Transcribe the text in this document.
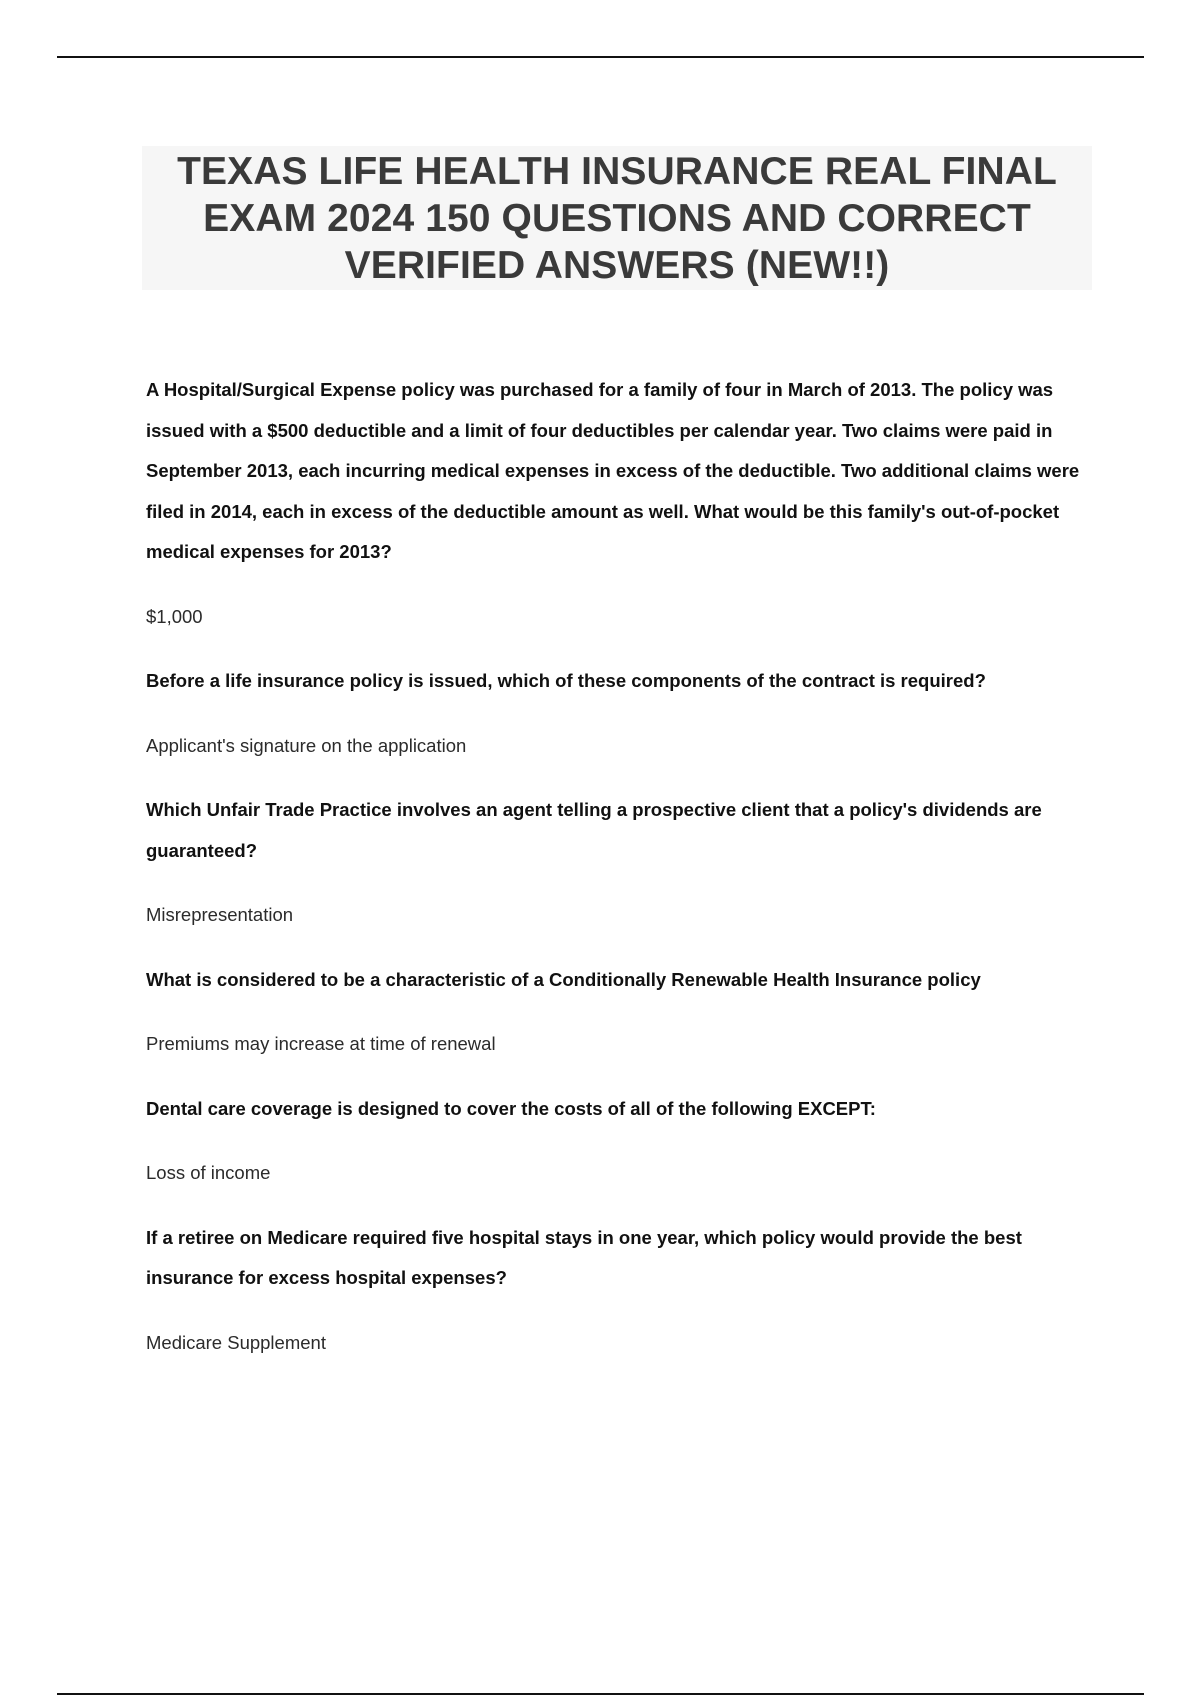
TEXAS LIFE HEALTH INSURANCE REAL FINAL EXAM 2024 150 QUESTIONS AND CORRECT VERIFIED ANSWERS (NEW!!)

A Hospital/Surgical Expense policy was purchased for a family of four in March of 2013. The policy was issued with a $500 deductible and a limit of four deductibles per calendar year. Two claims were paid in September 2013, each incurring medical expenses in excess of the deductible. Two additional claims were filed in 2014, each in excess of the deductible amount as well. What would be this family's out-of-pocket medical expenses for 2013?

$1,000

Before a life insurance policy is issued, which of these components of the contract is required?

Applicant's signature on the application

Which Unfair Trade Practice involves an agent telling a prospective client that a policy's dividends are guaranteed?

Misrepresentation

What is considered to be a characteristic of a Conditionally Renewable Health Insurance policy

Premiums may increase at time of renewal

Dental care coverage is designed to cover the costs of all of the following EXCEPT:

Loss of income

If a retiree on Medicare required five hospital stays in one year, which policy would provide the best insurance for excess hospital expenses?

Medicare Supplement
